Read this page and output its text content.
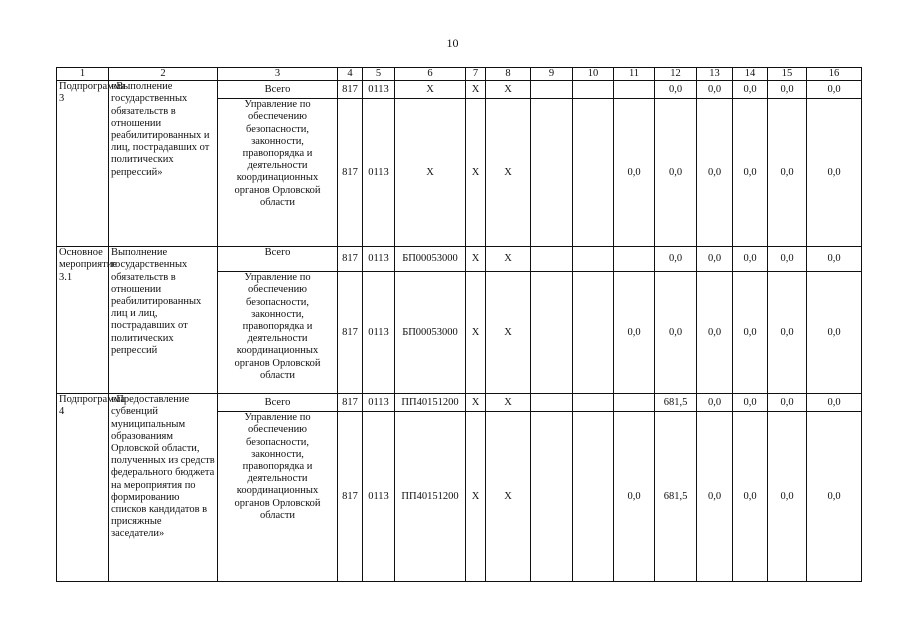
10
1	2	3	4	5	6	7	8	9	10	11	12	13	14	15	16
Подпрограмма 3	«Выполнение государственных обязательств в отношении реабилитированных и лиц, пострадавших от политических репрессий»	Всего	817	0113	Х	Х	Х				0,0	0,0	0,0	0,0	0,0
		Управление по обеспечению безопасности, законности, правопорядка и деятельности координационных органов Орловской области	817	0113	Х	Х	Х			0,0	0,0	0,0	0,0	0,0	0,0
Основное мероприятие 3.1	Выполнение государственных обязательств в отношении реабилитированных лиц и лиц, пострадавших от политических репрессий	Всего	817	0113	БП00053000	Х	Х				0,0	0,0	0,0	0,0	0,0
		Управление по обеспечению безопасности, законности, правопорядка и деятельности координационных органов Орловской области	817	0113	БП00053000	Х	Х			0,0	0,0	0,0	0,0	0,0	0,0
Подпрограмма 4	«Предоставление субвенций муниципальным образованиям Орловской области, полученных из средств федерального бюджета на мероприятия по формированию списков кандидатов в присяжные заседатели»	Всего	817	0113	ПП40151200	Х	Х				681,5	0,0	0,0	0,0	0,0
		Управление по обеспечению безопасности, законности, правопорядка и деятельности координационных органов Орловской области	817	0113	ПП40151200	Х	Х			0,0	681,5	0,0	0,0	0,0	0,0
